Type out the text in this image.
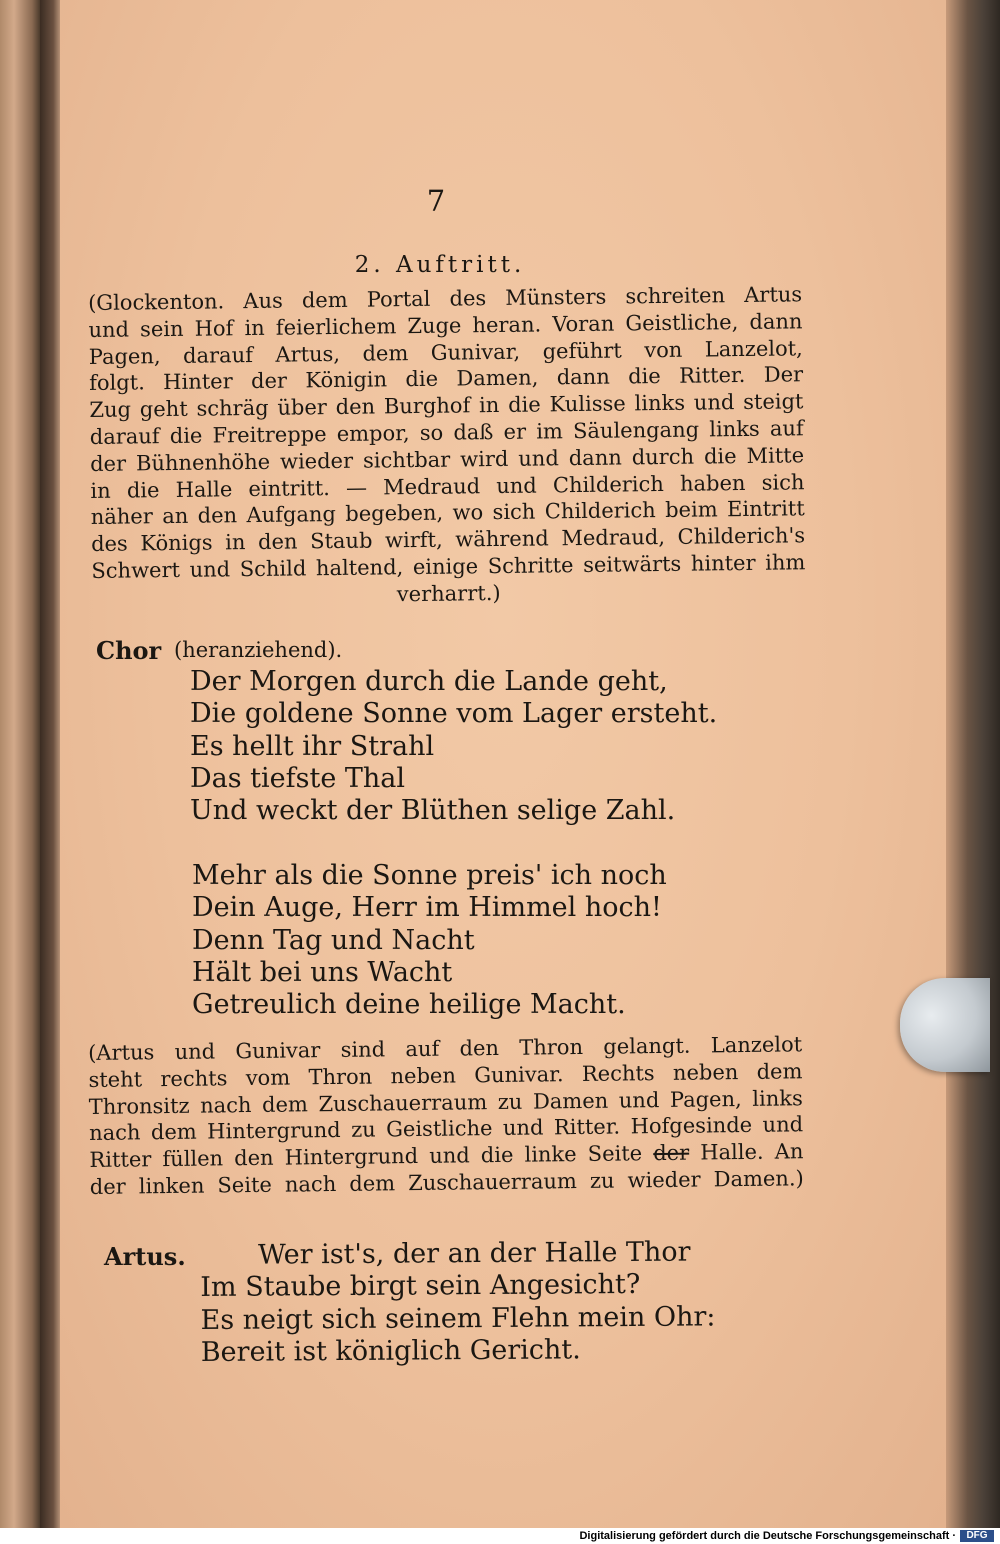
7
2. Auftritt.
(Glockenton. Aus dem Portal des Münsters schreiten Artus
und sein Hof in feierlichem Zuge heran. Voran Geistliche, dann
Pagen, darauf Artus, dem Gunivar, geführt von Lanzelot,
folgt. Hinter der Königin die Damen, dann die Ritter. Der
Zug geht schräg über den Burghof in die Kulisse links und steigt
darauf die Freitreppe empor, so daß er im Säulengang links auf
der Bühnenhöhe wieder sichtbar wird und dann durch die Mitte
in die Halle eintritt. — Medraud und Childerich haben sich
näher an den Aufgang begeben, wo sich Childerich beim Eintritt
des Königs in den Staub wirft, während Medraud, Childerich's
Schwert und Schild haltend, einige Schritte seitwärts hinter ihm
verharrt.)
Chor (heranziehend).
Der Morgen durch die Lande geht,
Die goldene Sonne vom Lager ersteht.
Es hellt ihr Strahl
Das tiefste Thal
Und weckt der Blüthen selige Zahl.
Mehr als die Sonne preis' ich noch
Dein Auge, Herr im Himmel hoch!
Denn Tag und Nacht
Hält bei uns Wacht
Getreulich deine heilige Macht.
(Artus und Gunivar sind auf den Thron gelangt. Lanzelot
steht rechts vom Thron neben Gunivar. Rechts neben dem
Thronsitz nach dem Zuschauerraum zu Damen und Pagen, links
nach dem Hintergrund zu Geistliche und Ritter. Hofgesinde und
Ritter füllen den Hintergrund und die linke Seite der Halle. An
der linken Seite nach dem Zuschauerraum zu wieder Damen.)
Artus.	Wer ist's, der an der Halle Thor
Im Staube birgt sein Angesicht?
Es neigt sich seinem Flehn mein Ohr:
Bereit ist königlich Gericht.
Digitalisierung gefördert durch die Deutsche Forschungsgemeinschaft ·	DFG
